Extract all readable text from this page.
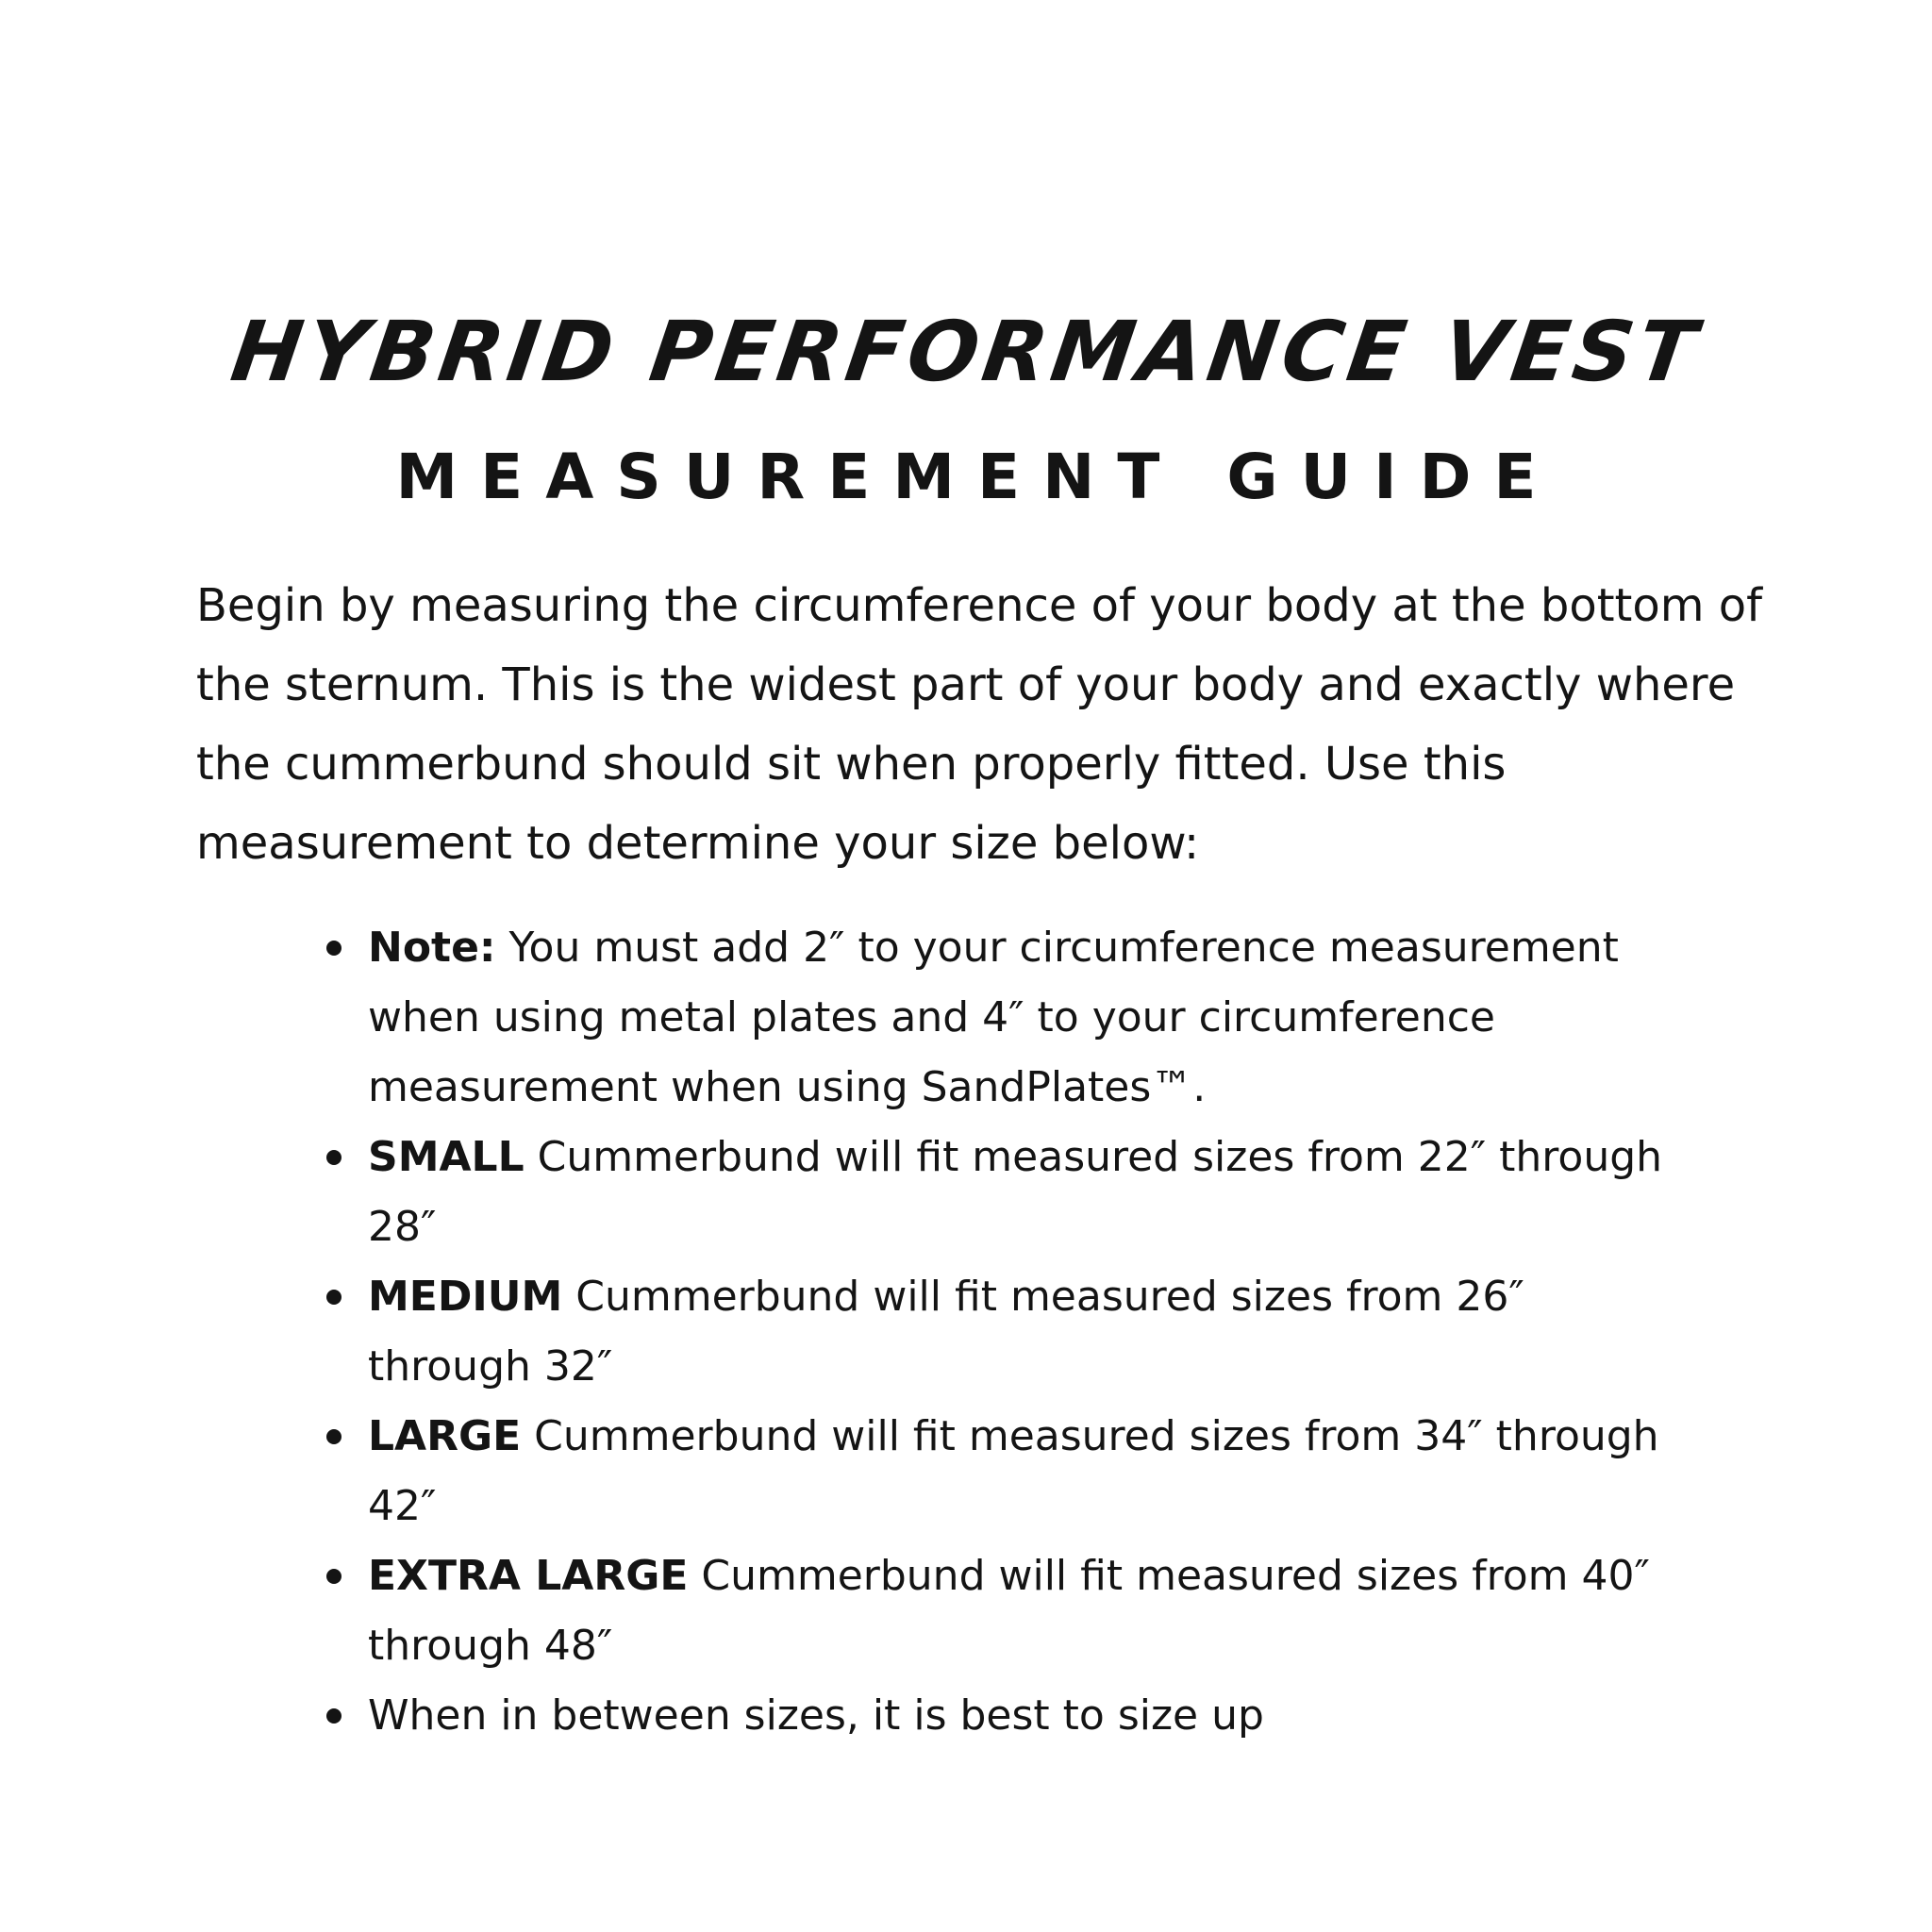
HYBRID PERFORMANCE VEST
MEASUREMENT GUIDE

Begin by measuring the circumference of your body at the bottom of the sternum. This is the widest part of your body and exactly where the cummerbund should sit when properly fitted. Use this measurement to determine your size below:

Note: You must add 2″ to your circumference measurement when using metal plates and 4″ to your circumference measurement when using SandPlates™.
SMALL Cummerbund will fit measured sizes from 22″ through 28″
MEDIUM Cummerbund will fit measured sizes from 26″ through 32″
LARGE Cummerbund will fit measured sizes from 34″ through 42″
EXTRA LARGE Cummerbund will fit measured sizes from 40″ through 48″
When in between sizes, it is best to size up
